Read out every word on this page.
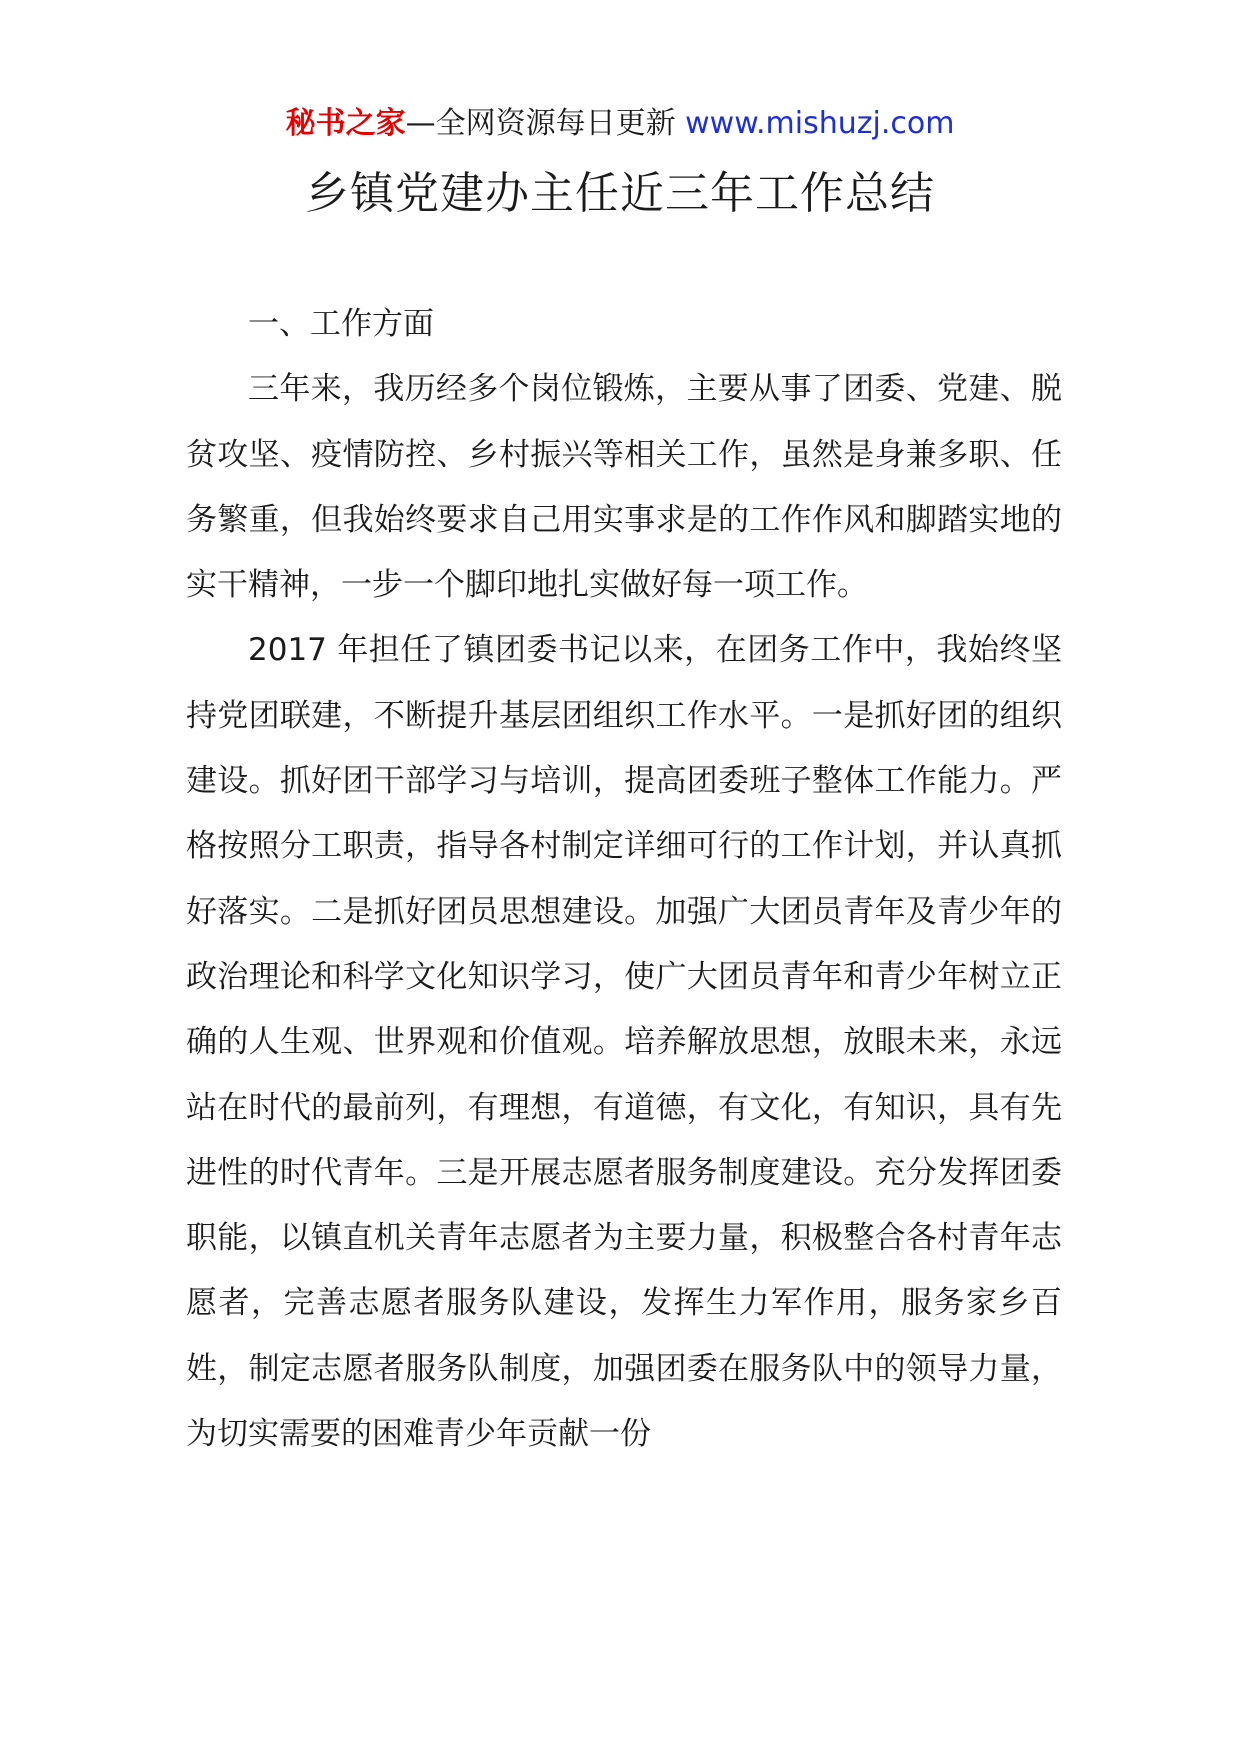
秘书之家—全网资源每日更新 www.mishuzj.com
乡镇党建办主任近三年工作总结

一、工作方面

三年来，我历经多个岗位锻炼，主要从事了团委、党建、脱贫攻坚、疫情防控、乡村振兴等相关工作，虽然是身兼多职、任务繁重，但我始终要求自己用实事求是的工作作风和脚踏实地的实干精神，一步一个脚印地扎实做好每一项工作。

2017 年担任了镇团委书记以来，在团务工作中，我始终坚持党团联建，不断提升基层团组织工作水平。一是抓好团的组织建设。抓好团干部学习与培训，提高团委班子整体工作能力。严格按照分工职责，指导各村制定详细可行的工作计划，并认真抓好落实。二是抓好团员思想建设。加强广大团员青年及青少年的政治理论和科学文化知识学习，使广大团员青年和青少年树立正确的人生观、世界观和价值观。培养解放思想，放眼未来，永远站在时代的最前列，有理想，有道德，有文化，有知识，具有先进性的时代青年。三是开展志愿者服务制度建设。充分发挥团委职能，以镇直机关青年志愿者为主要力量，积极整合各村青年志愿者，完善志愿者服务队建设，发挥生力军作用，服务家乡百姓，制定志愿者服务队制度，加强团委在服务队中的领导力量，为切实需要的困难青少年贡献一份
